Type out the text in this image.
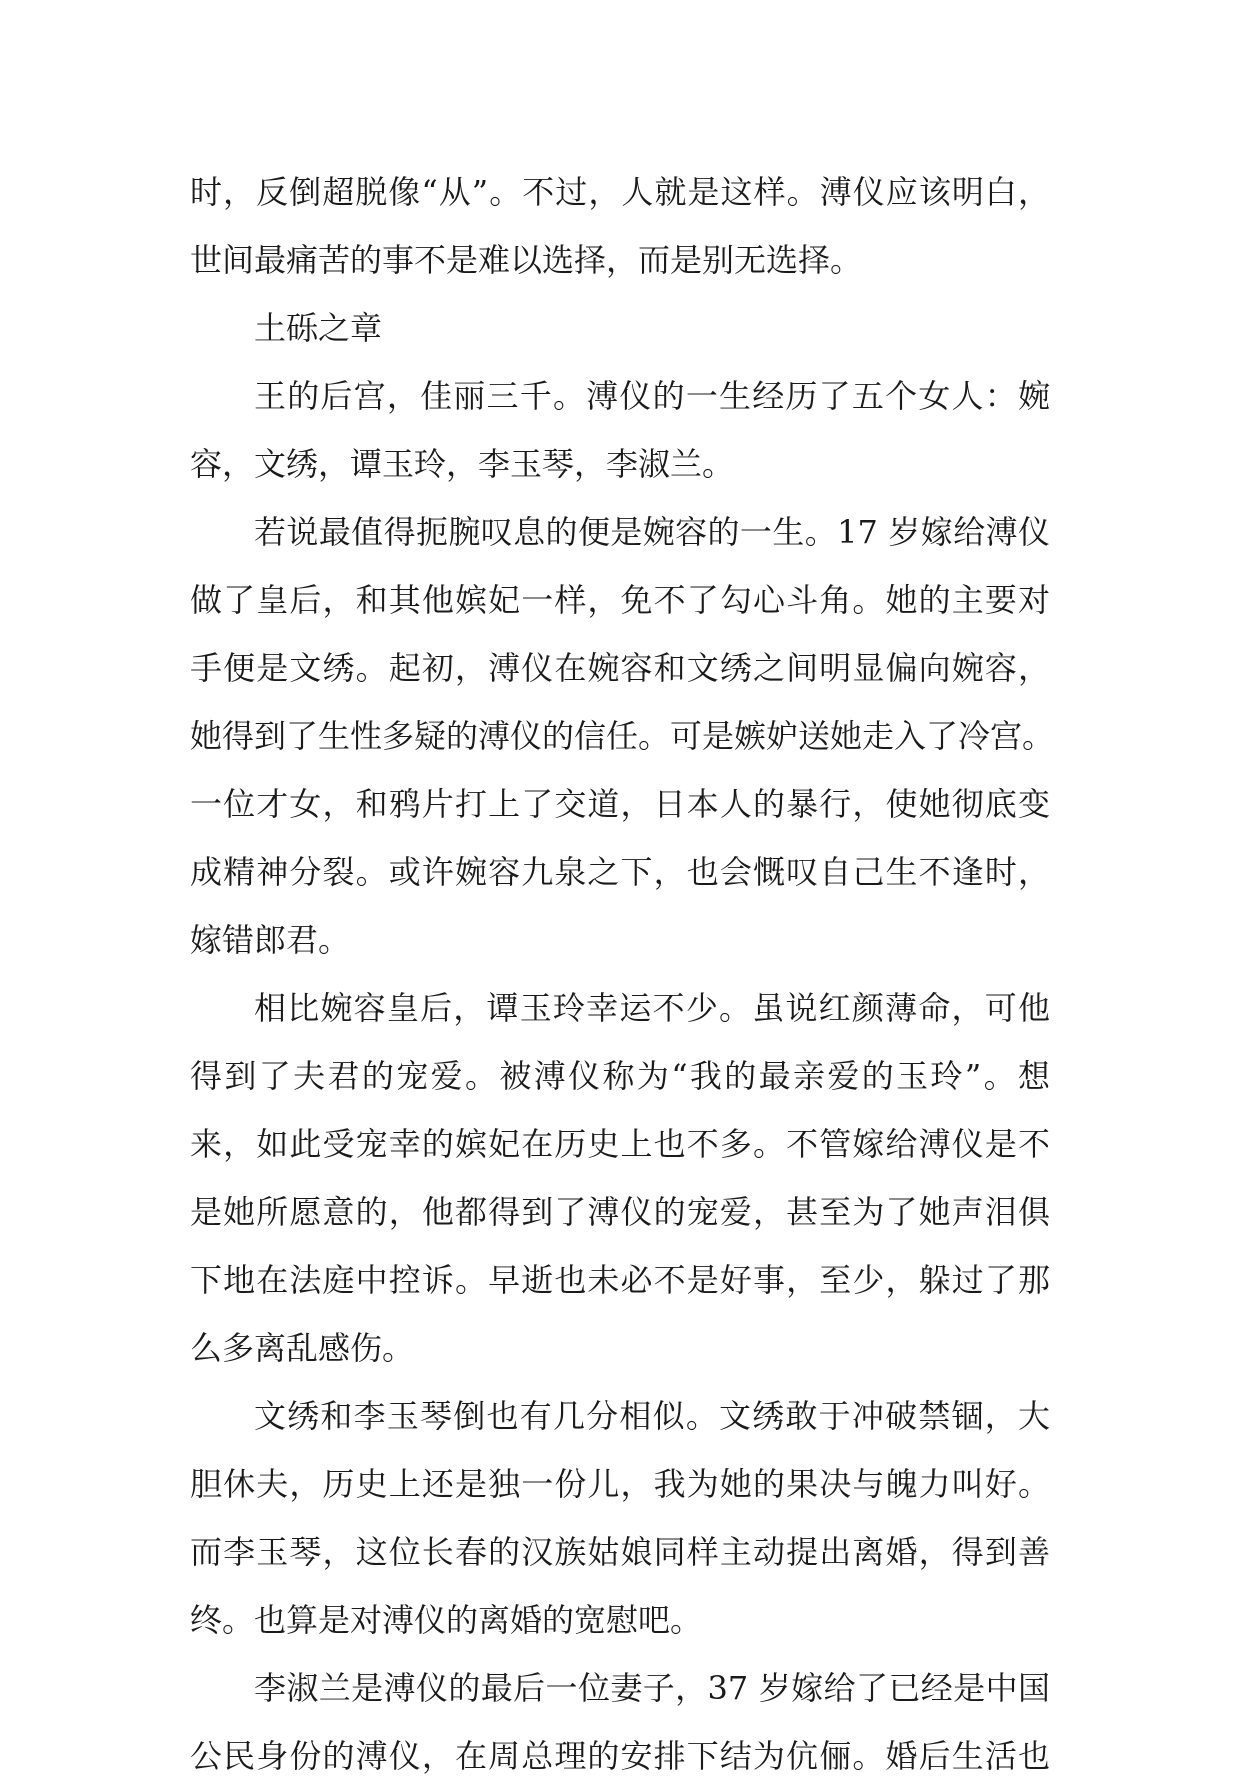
时，反倒超脱像“从”。不过，人就是这样。溥仪应该明白，
世间最痛苦的事不是难以选择，而是别无选择。
土砾之章
王的后宫，佳丽三千。溥仪的一生经历了五个女人：婉
容，文绣，谭玉玲，李玉琴，李淑兰。
若说最值得扼腕叹息的便是婉容的一生。17 岁嫁给溥仪
做了皇后，和其他嫔妃一样，免不了勾心斗角。她的主要对
手便是文绣。起初，溥仪在婉容和文绣之间明显偏向婉容，
她得到了生性多疑的溥仪的信任。可是嫉妒送她走入了冷宫。
一位才女，和鸦片打上了交道，日本人的暴行，使她彻底变
成精神分裂。或许婉容九泉之下，也会慨叹自己生不逢时，
嫁错郎君。
相比婉容皇后，谭玉玲幸运不少。虽说红颜薄命，可他
得到了夫君的宠爱。被溥仪称为“我的最亲爱的玉玲”。想
来，如此受宠幸的嫔妃在历史上也不多。不管嫁给溥仪是不
是她所愿意的，他都得到了溥仪的宠爱，甚至为了她声泪俱
下地在法庭中控诉。早逝也未必不是好事，至少，躲过了那
么多离乱感伤。
文绣和李玉琴倒也有几分相似。文绣敢于冲破禁锢，大
胆休夫，历史上还是独一份儿，我为她的果决与魄力叫好。
而李玉琴，这位长春的汉族姑娘同样主动提出离婚，得到善
终。也算是对溥仪的离婚的宽慰吧。
李淑兰是溥仪的最后一位妻子，37 岁嫁给了已经是中国
公民身份的溥仪，在周总理的安排下结为伉俪。婚后生活也
